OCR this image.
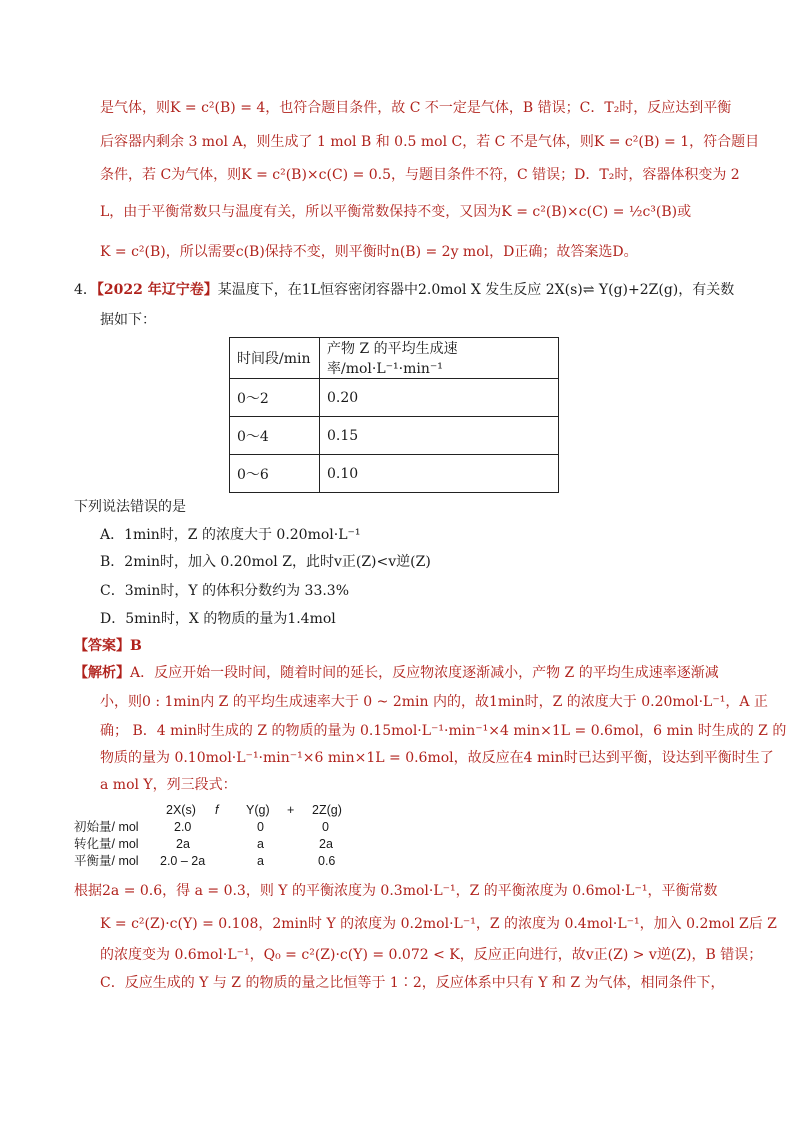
是气体，则K = c²(B) = 4，也符合题目条件，故 C 不一定是气体，B 错误；C．T₂时，反应达到平衡
后容器内剩余 3 mol A，则生成了 1 mol B 和 0.5 mol C，若 C 不是气体，则K = c²(B) = 1，符合题目
条件，若 C为气体，则K = c²(B)×c(C) = 0.5，与题目条件不符，C 错误；D．T₂时，容器体积变为 2
L，由于平衡常数只与温度有关，所以平衡常数保持不变，又因为K = c²(B)×c(C) = ½c³(B)或
K = c²(B)，所以需要c(B)保持不变，则平衡时n(B) = 2y mol，D正确；故答案选D。
4．【2022 年辽宁卷】某温度下，在1L恒容密闭容器中2.0mol X 发生反应 2X(s)⇌ Y(g)+2Z(g)，有关数
据如下：
时间段/min	产物 Z 的平均生成速率/mol·L⁻¹·min⁻¹
0～2	0.20
0～4	0.15
0～6	0.10
下列说法错误的是
A．1min时，Z 的浓度大于 0.20mol·L⁻¹
B．2min时，加入 0.20mol Z，此时v正(Z)<v逆(Z)
C．3min时，Y 的体积分数约为 33.3%
D．5min时，X 的物质的量为1.4mol
【答案】B
【解析】A．反应开始一段时间，随着时间的延长，反应物浓度逐渐减小，产物 Z 的平均生成速率逐渐减
小，则0 : 1min内 Z 的平均生成速率大于 0 ~ 2min 内的，故1min时，Z 的浓度大于 0.20mol·L⁻¹，A 正
确； B．4 min时生成的 Z 的物质的量为 0.15mol·L⁻¹·min⁻¹×4 min×1L = 0.6mol，6 min 时生成的 Z 的
物质的量为 0.10mol·L⁻¹·min⁻¹×6 min×1L = 0.6mol，故反应在4 min时已达到平衡，设达到平衡时生了
a mol Y，列三段式：
2X(s) f Y(g) + 2Z(g)
初始量/ mol	2.0	0	0
转化量/ mol	2a	a	2a
平衡量/ mol 2.0 – 2a	a	0.6
根据2a = 0.6，得 a = 0.3，则 Y 的平衡浓度为 0.3mol·L⁻¹，Z 的平衡浓度为 0.6mol·L⁻¹，平衡常数
K = c²(Z)·c(Y) = 0.108，2min时 Y 的浓度为 0.2mol·L⁻¹，Z 的浓度为 0.4mol·L⁻¹，加入 0.2mol Z后 Z
的浓度变为 0.6mol·L⁻¹，Q₀ = c²(Z)·c(Y) = 0.072 < K，反应正向进行，故v正(Z) > v逆(Z)，B 错误；
C．反应生成的 Y 与 Z 的物质的量之比恒等于 1∶2，反应体系中只有 Y 和 Z 为气体，相同条件下，
